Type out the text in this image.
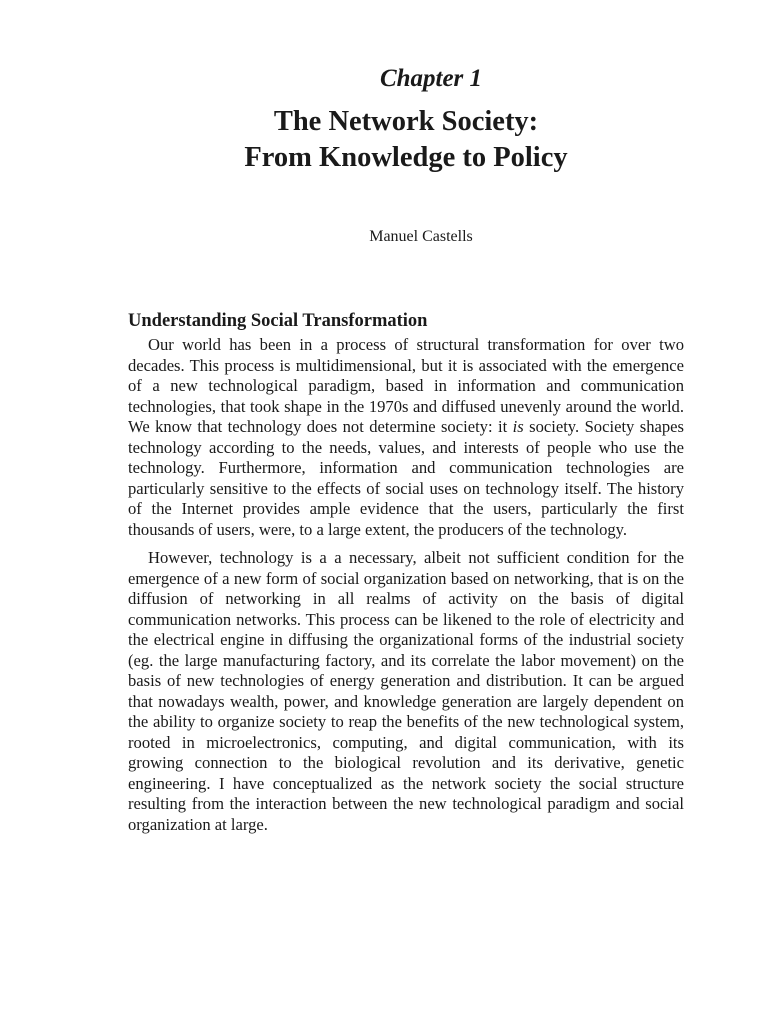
Chapter 1
The Network Society:
From Knowledge to Policy

Manuel Castells

Understanding Social Transformation

Our world has been in a process of structural transformation for over two decades. This process is multidimensional, but it is associated with the emergence of a new technological paradigm, based in information and communication technologies, that took shape in the 1970s and diffused unevenly around the world. We know that technology does not determine society: it is society. Society shapes technology according to the needs, values, and interests of people who use the technology. Furthermore, information and communication technologies are particularly sensitive to the effects of social uses on technology itself. The history of the Internet provides ample evidence that the users, particularly the first thousands of users, were, to a large extent, the producers of the technology.

However, technology is a a necessary, albeit not sufficient condition for the emergence of a new form of social organization based on networking, that is on the diffusion of networking in all realms of activity on the basis of digital communication networks. This process can be likened to the role of electricity and the electrical engine in diffusing the organizational forms of the industrial society (eg. the large manufacturing factory, and its correlate the labor movement) on the basis of new technologies of energy generation and distribution. It can be argued that nowadays wealth, power, and knowledge generation are largely dependent on the ability to organize society to reap the benefits of the new technological system, rooted in microelectronics, computing, and digital communication, with its growing connection to the biological revolution and its derivative, genetic engineering. I have conceptualized as the network society the social structure resulting from the interaction between the new technological paradigm and social organization at large.
